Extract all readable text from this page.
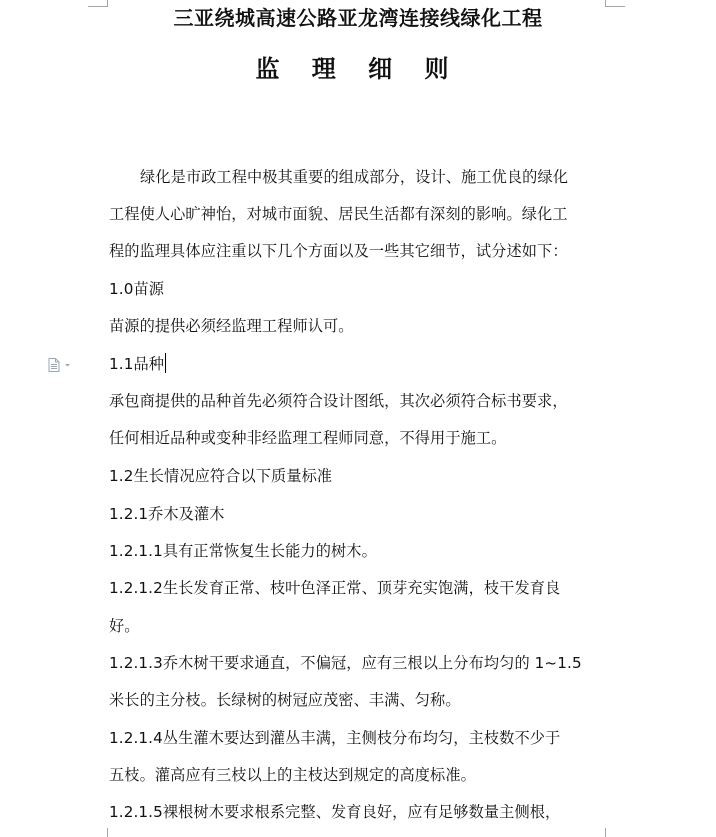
三亚绕城高速公路亚龙湾连接线绿化工程
监 理 细 则
绿化是市政工程中极其重要的组成部分，设计、施工优良的绿化
工程使人心旷神怡，对城市面貌、居民生活都有深刻的影响。绿化工
程的监理具体应注重以下几个方面以及一些其它细节，试分述如下：
1.0苗源
苗源的提供必须经监理工程师认可。
1.1品种
承包商提供的品种首先必须符合设计图纸，其次必须符合标书要求，
任何相近品种或变种非经监理工程师同意，不得用于施工。
1.2生长情况应符合以下质量标准
1.2.1乔木及灌木
1.2.1.1具有正常恢复生长能力的树木。
1.2.1.2生长发育正常、枝叶色泽正常、顶芽充实饱满，枝干发育良
好。
1.2.1.3乔木树干要求通直，不偏冠，应有三根以上分布均匀的 1~1.5
米长的主分枝。长绿树的树冠应茂密、丰满、匀称。
1.2.1.4丛生灌木要达到灌丛丰满，主侧枝分布均匀，主枝数不少于
五枝。灌高应有三枝以上的主枝达到规定的高度标准。
1.2.1.5裸根树木要求根系完整、发育良好，应有足够数量主侧根，
